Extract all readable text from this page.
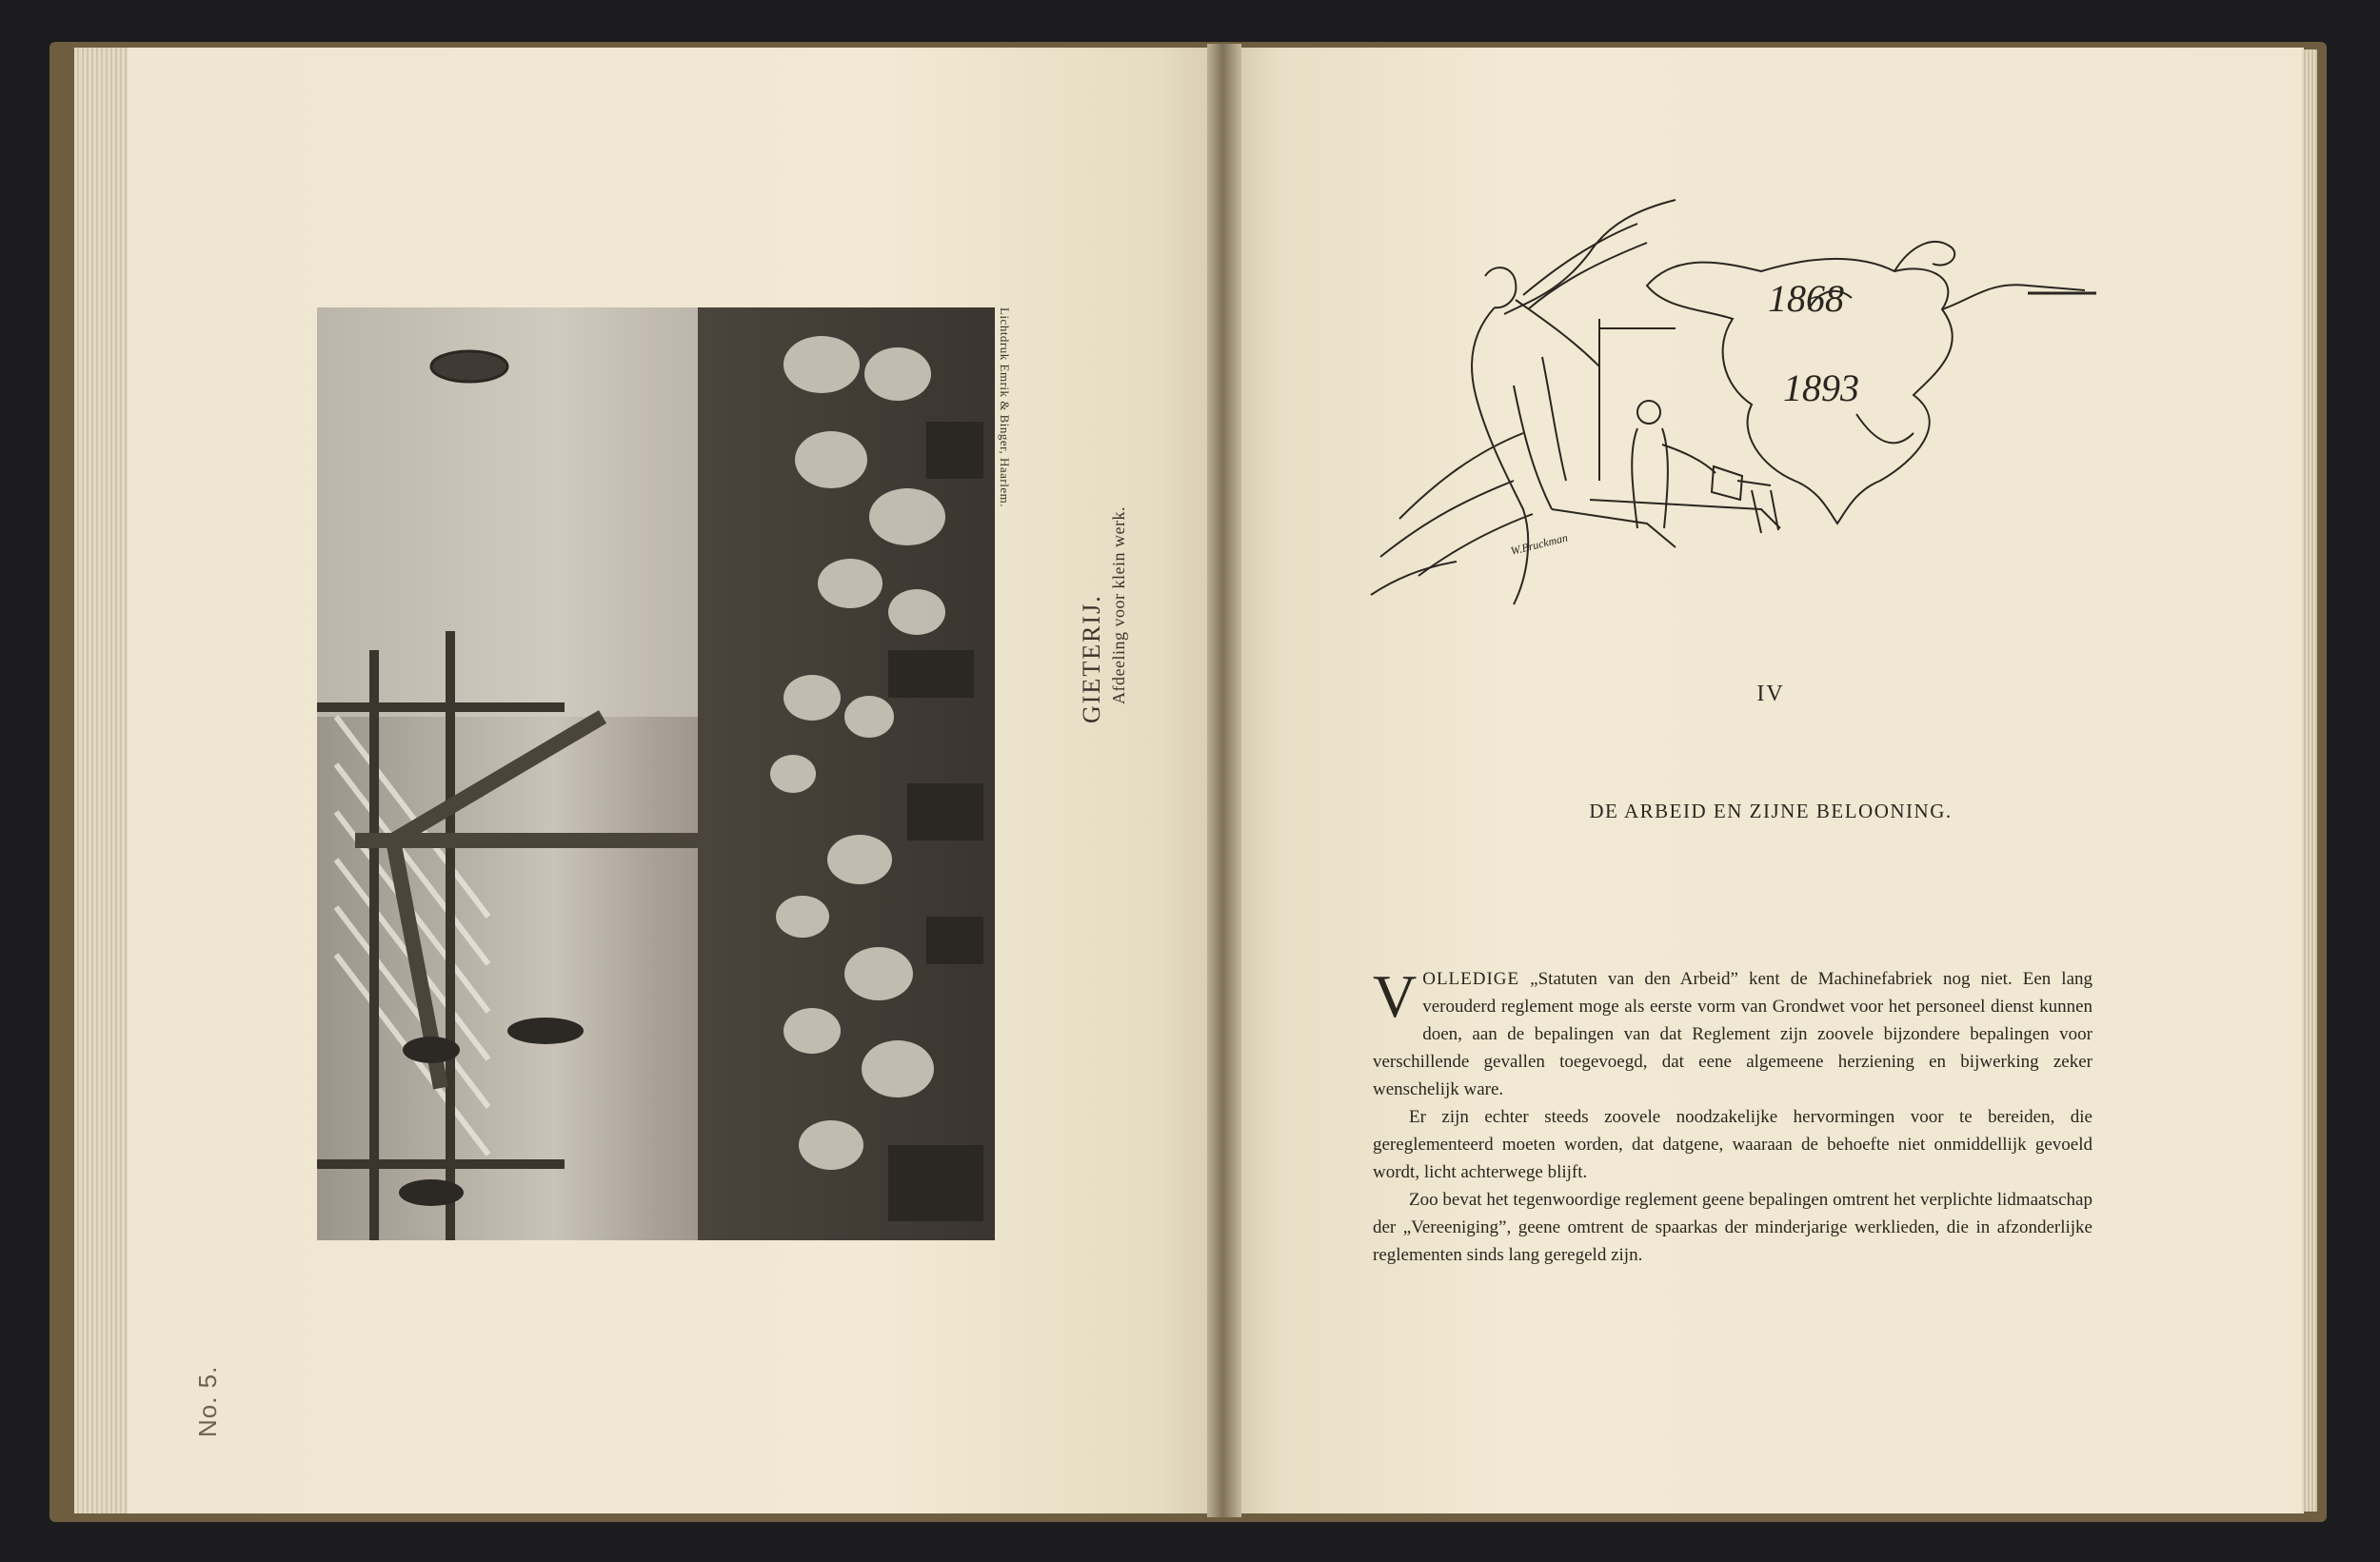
Lichtdruk Emrik & Binger, Haarlem.
GIETERIJ. Afdeeling voor klein werk.
No. 5.
1868
1893
W.Bruckman
IV
DE ARBEID EN ZIJNE BELOONING.

VOLLEDIGE „Statuten van den Arbeid” kent de Machinefabriek nog niet. Een lang verouderd reglement moge als eerste vorm van Grondwet voor het personeel dienst kunnen doen, aan de bepalingen van dat Reglement zijn zoovele bijzondere bepalingen voor verschillende gevallen toegevoegd, dat eene algemeene herziening en bijwerking zeker wenschelijk ware.

Er zijn echter steeds zoovele noodzakelijke hervormingen voor te bereiden, die gereglementeerd moeten worden, dat datgene, waaraan de behoefte niet onmiddellijk gevoeld wordt, licht achterwege blijft.

Zoo bevat het tegenwoordige reglement geene bepalingen omtrent het verplichte lidmaatschap der „Vereeniging”, geene omtrent de spaarkas der minderjarige werklieden, die in afzonderlijke reglementen sinds lang geregeld zijn.
